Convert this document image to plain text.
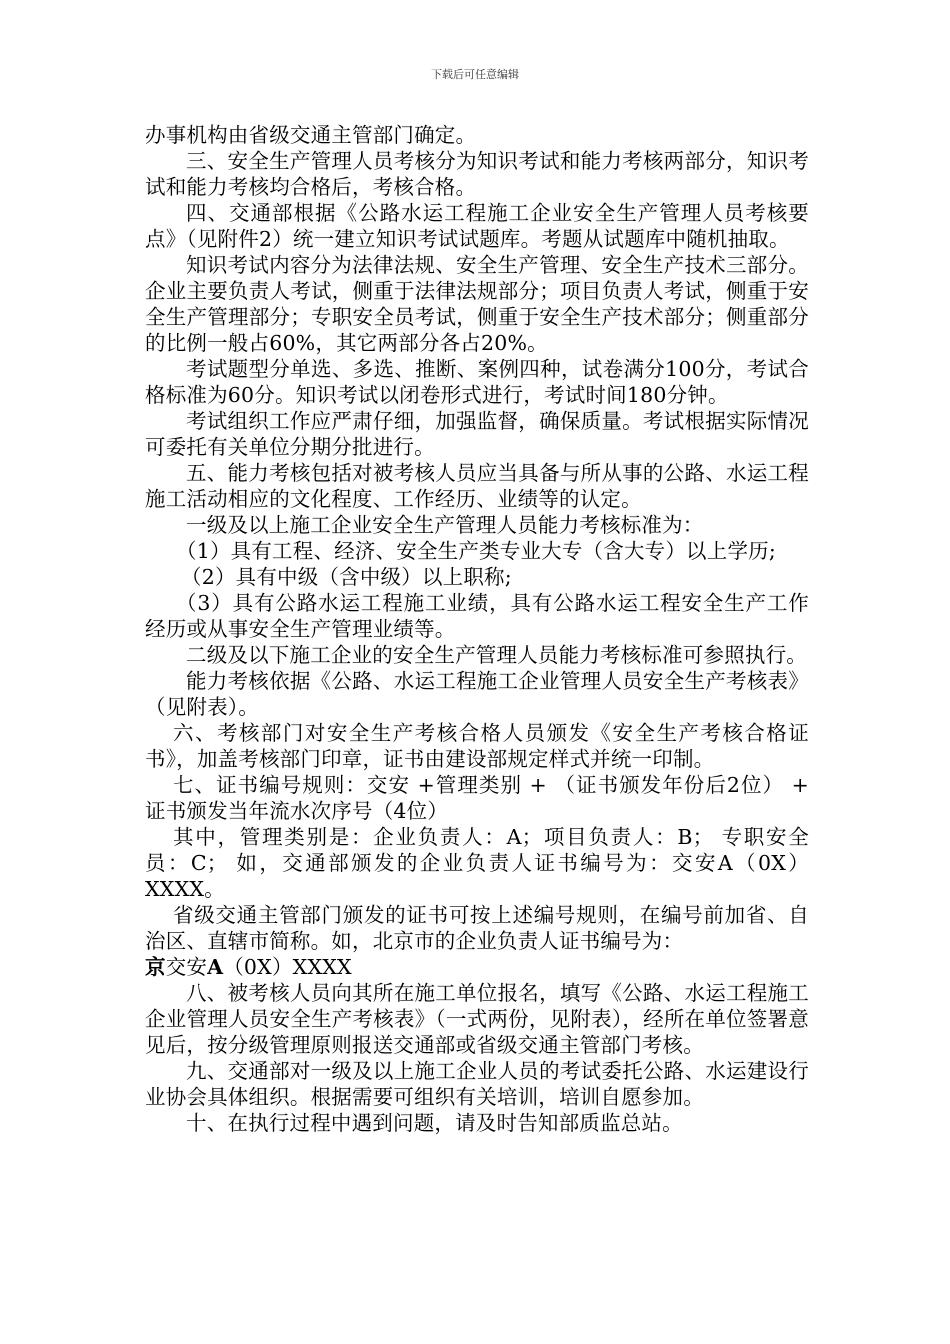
下载后可任意编辑

办事机构由省级交通主管部门确定。

三、安全生产管理人员考核分为知识考试和能力考核两部分，知识考试和能力考核均合格后，考核合格。

四、交通部根据《公路水运工程施工企业安全生产管理人员考核要点》（见附件2）统一建立知识考试试题库。考题从试题库中随机抽取。

知识考试内容分为法律法规、安全生产管理、安全生产技术三部分。企业主要负责人考试，侧重于法律法规部分；项目负责人考试，侧重于安全生产管理部分；专职安全员考试，侧重于安全生产技术部分；侧重部分的比例一般占60%，其它两部分各占20%。

考试题型分单选、多选、推断、案例四种，试卷满分100分，考试合格标准为60分。知识考试以闭卷形式进行，考试时间180分钟。

考试组织工作应严肃仔细，加强监督，确保质量。考试根据实际情况可委托有关单位分期分批进行。

五、能力考核包括对被考核人员应当具备与所从事的公路、水运工程施工活动相应的文化程度、工作经历、业绩等的认定。

一级及以上施工企业安全生产管理人员能力考核标准为：

（1）具有工程、经济、安全生产类专业大专（含大专）以上学历;

（2）具有中级（含中级）以上职称;

（3）具有公路水运工程施工业绩，具有公路水运工程安全生产工作经历或从事安全生产管理业绩等。

二级及以下施工企业的安全生产管理人员能力考核标准可参照执行。

能力考核依据《公路、水运工程施工企业管理人员安全生产考核表》（见附表）。

六、考核部门对安全生产考核合格人员颁发《安全生产考核合格证书》，加盖考核部门印章，证书由建设部规定样式并统一印制。

七、证书编号规则：交安 +管理类别 + （证书颁发年份后2位） + 证书颁发当年流水次序号（4位）

其中，管理类别是：企业负责人：A；项目负责人：B； 专职安全员：C； 如，交通部颁发的企业负责人证书编号为：交安A（0X）XXXX。

省级交通主管部门颁发的证书可按上述编号规则，在编号前加省、自治区、直辖市简称。如，北京市的企业负责人证书编号为：

京交安A（0X）XXXX

八、被考核人员向其所在施工单位报名，填写《公路、水运工程施工企业管理人员安全生产考核表》（一式两份，见附表），经所在单位签署意见后，按分级管理原则报送交通部或省级交通主管部门考核。

九、交通部对一级及以上施工企业人员的考试委托公路、水运建设行业协会具体组织。根据需要可组织有关培训，培训自愿参加。

十、在执行过程中遇到问题，请及时告知部质监总站。
